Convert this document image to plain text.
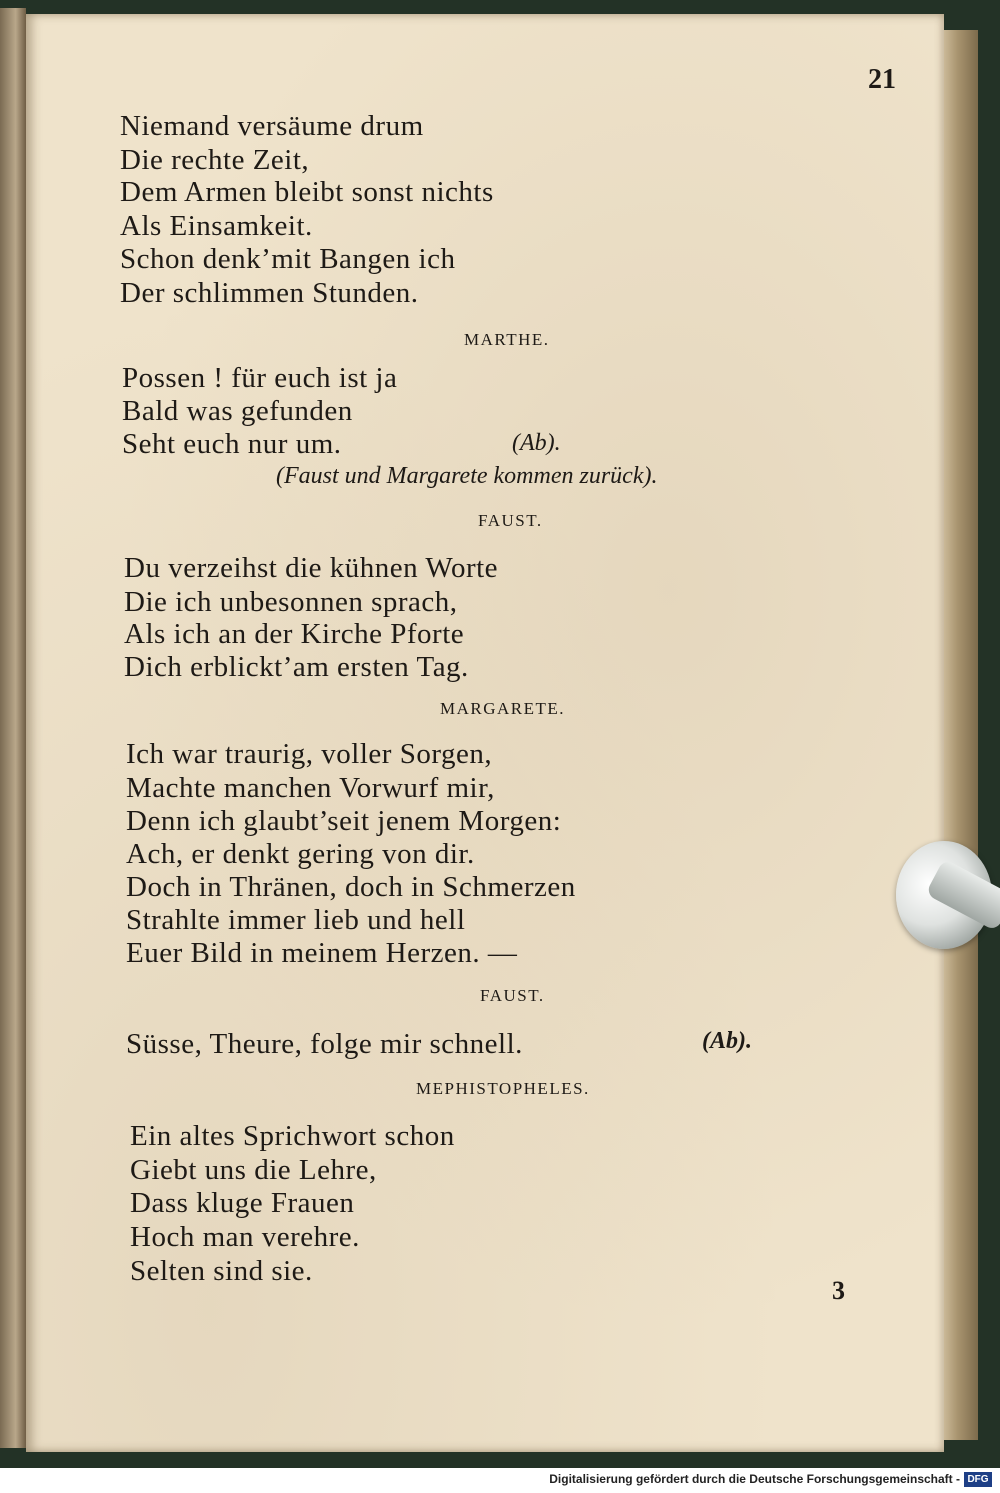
21
Niemand versäume drum
Die rechte Zeit,
Dem Armen bleibt sonst nichts
Als Einsamkeit.
Schon denk’mit Bangen ich
Der schlimmen Stunden.
MARTHE.
Possen ! für euch ist ja
Bald was gefunden
Seht euch nur um.	(Ab).
(Faust und Margarete kommen zurück).
FAUST.
Du verzeihst die kühnen Worte
Die ich unbesonnen sprach,
Als ich an der Kirche Pforte
Dich erblickt’am ersten Tag.
MARGARETE.
Ich war traurig, voller Sorgen,
Machte manchen Vorwurf mir,
Denn ich glaubt’seit jenem Morgen:
Ach, er denkt gering von dir.
Doch in Thränen, doch in Schmerzen
Strahlte immer lieb und hell
Euer Bild in meinem Herzen. —
FAUST.
Süsse, Theure, folge mir schnell.	(Ab).
MEPHISTOPHELES.
Ein altes Sprichwort schon
Giebt uns die Lehre,
Dass kluge Frauen
Hoch man verehre.
Selten sind sie.
3
Digitalisierung gefördert durch die Deutsche Forschungsgemeinschaft - DFG
